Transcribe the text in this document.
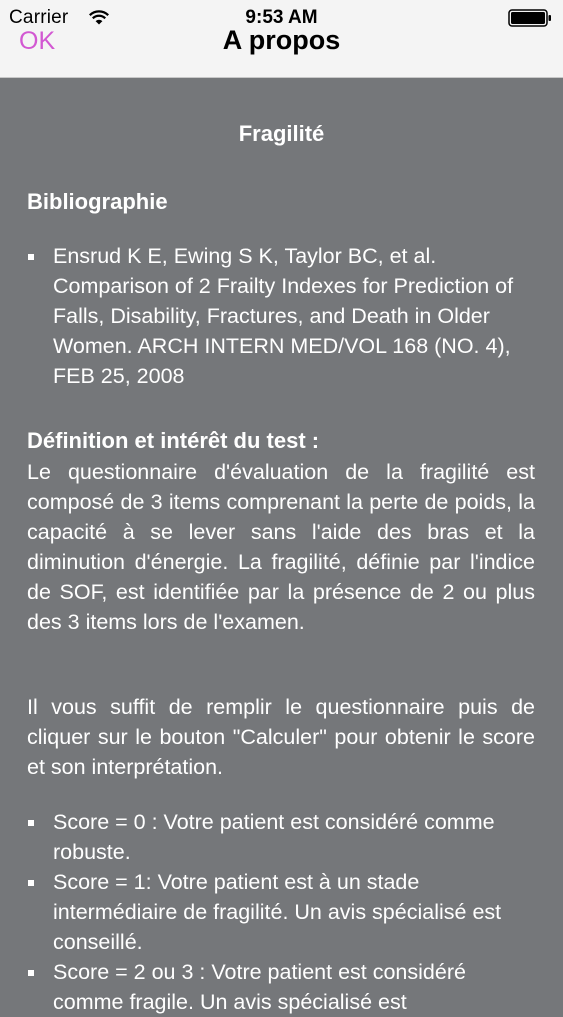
Carrier	9:53 AM
OK	A propos
Fragilité
Bibliographie
Ensrud K E, Ewing S K, Taylor BC, et al. Comparison of 2 Frailty Indexes for Prediction of Falls, Disability, Fractures, and Death in Older Women. ARCH INTERN MED/VOL 168 (NO. 4), FEB 25, 2008
Définition et intérêt du test :

Le questionnaire d'évaluation de la fragilité est composé de 3 items comprenant la perte de poids, la capacité à se lever sans l'aide des bras et la diminution d'énergie. La fragilité, définie par l'indice de SOF, est identifiée par la présence de 2 ou plus des 3 items lors de l'examen.

Il vous suffit de remplir le questionnaire puis de cliquer sur le bouton "Calculer" pour obtenir le score et son interprétation.

Score = 0 : Votre patient est considéré comme robuste.
Score = 1: Votre patient est à un stade intermédiaire de fragilité. Un avis spécialisé est conseillé.
Score = 2 ou 3 : Votre patient est considéré comme fragile. Un avis spécialisé est
